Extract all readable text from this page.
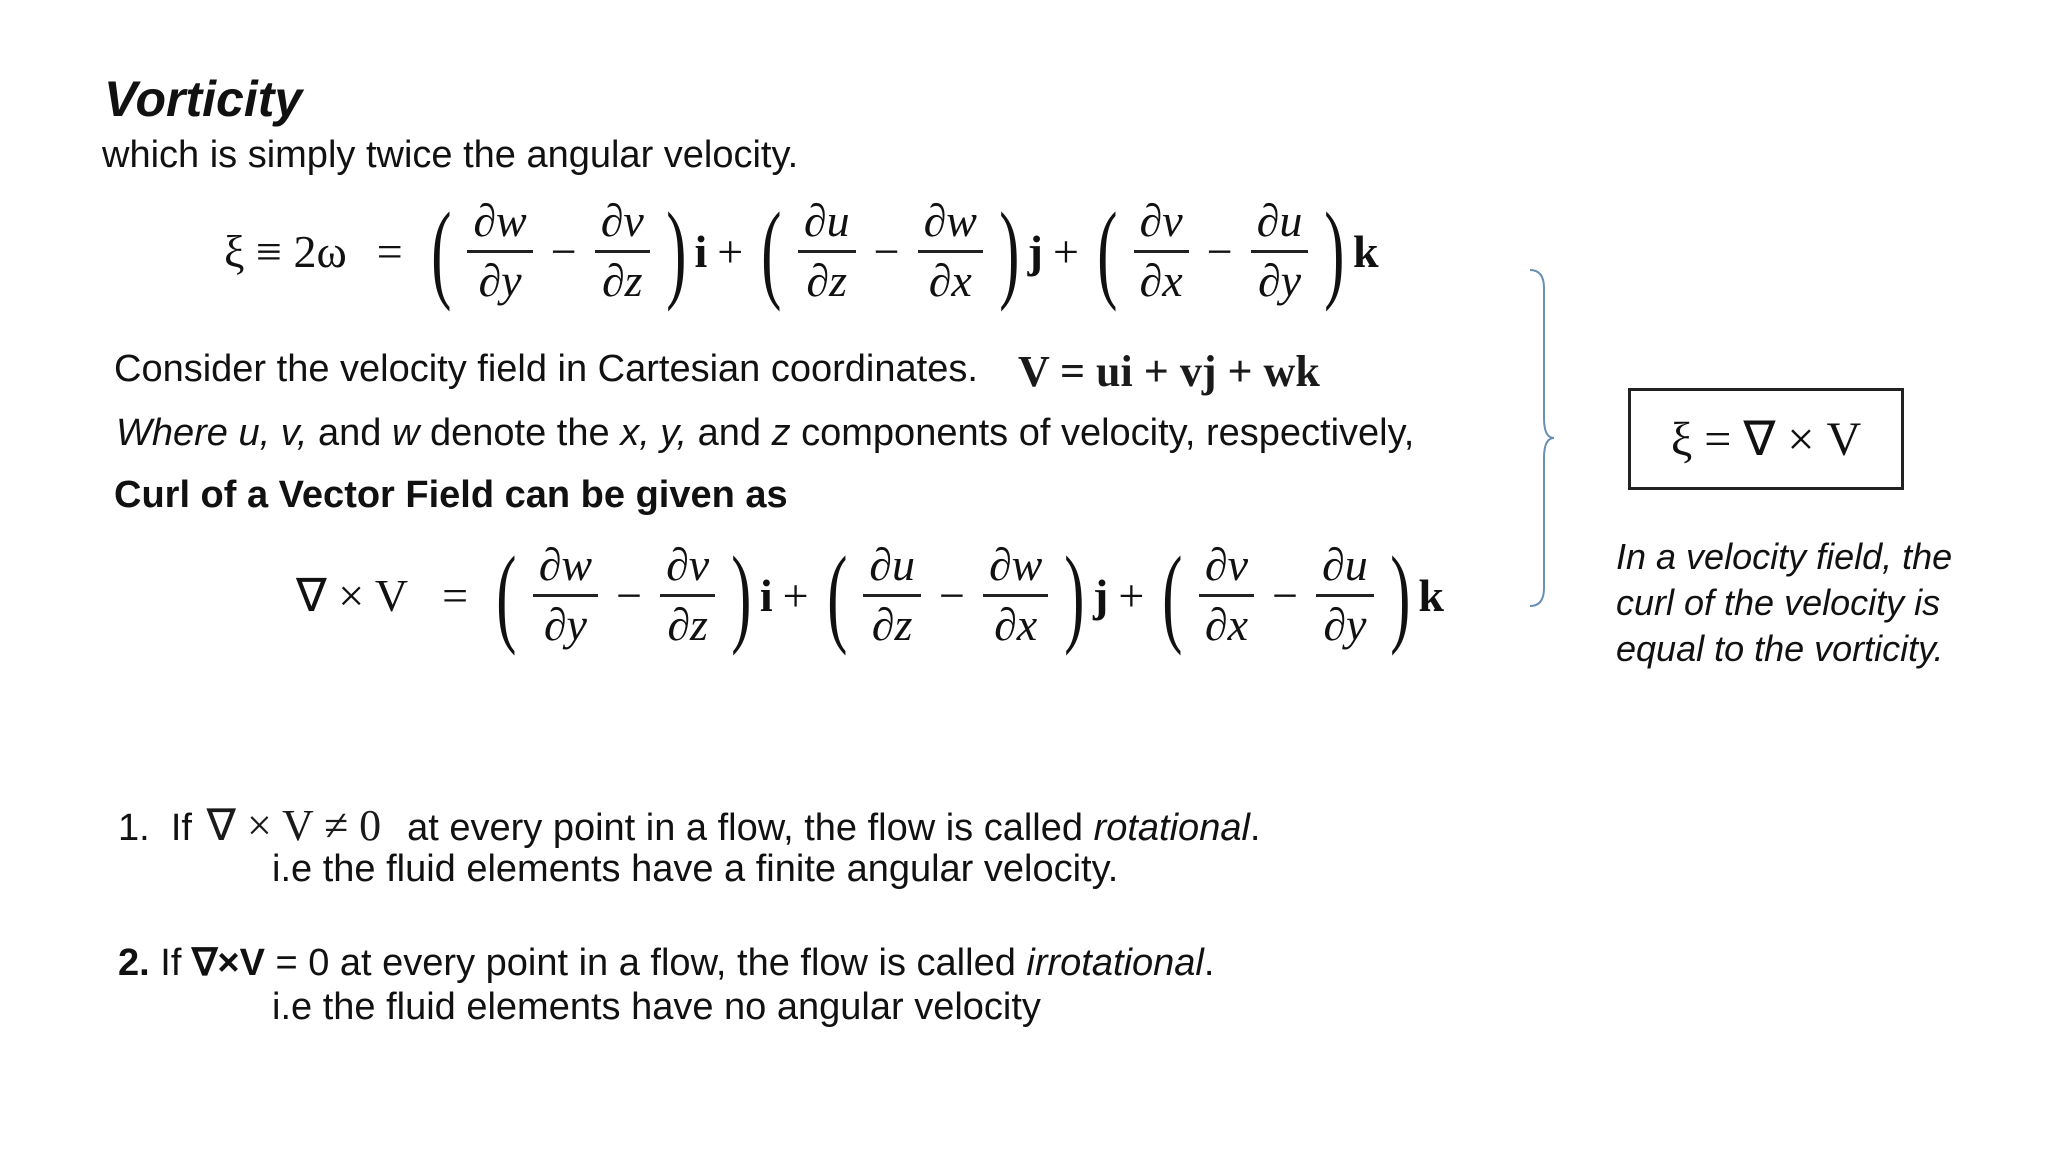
Vorticity
which is simply twice the angular velocity.
ξ ≡ 2ω = ( $\frac{\partial w}{\partial y} - \frac{\partial v}{\partial z}$ ) i + ( $\frac{\partial u}{\partial z} - \frac{\partial w}{\partial x}$ ) j + ( $\frac{\partial v}{\partial x} - \frac{\partial u}{\partial y}$ ) k
Consider the velocity field in Cartesian coordinates. V = ui + vj + wk
Where u, v, and w denote the x, y, and z components of velocity, respectively,
Curl of a Vector Field can be given as
∇ × V = ( $\frac{\partial w}{\partial y} - \frac{\partial v}{\partial z}$ ) i + ( $\frac{\partial u}{\partial z} - \frac{\partial w}{\partial x}$ ) j + ( $\frac{\partial v}{\partial x} - \frac{\partial u}{\partial y}$ ) k
ξ = ∇ × V
In a velocity field, the
curl of the velocity is
equal to the vorticity.
1. If ∇ × V ≠ 0 at every point in a flow, the flow is called rotational.
i.e the fluid elements have a finite angular velocity.
2. If ∇×V = 0 at every point in a flow, the flow is called irrotational.
i.e the fluid elements have no angular velocity
